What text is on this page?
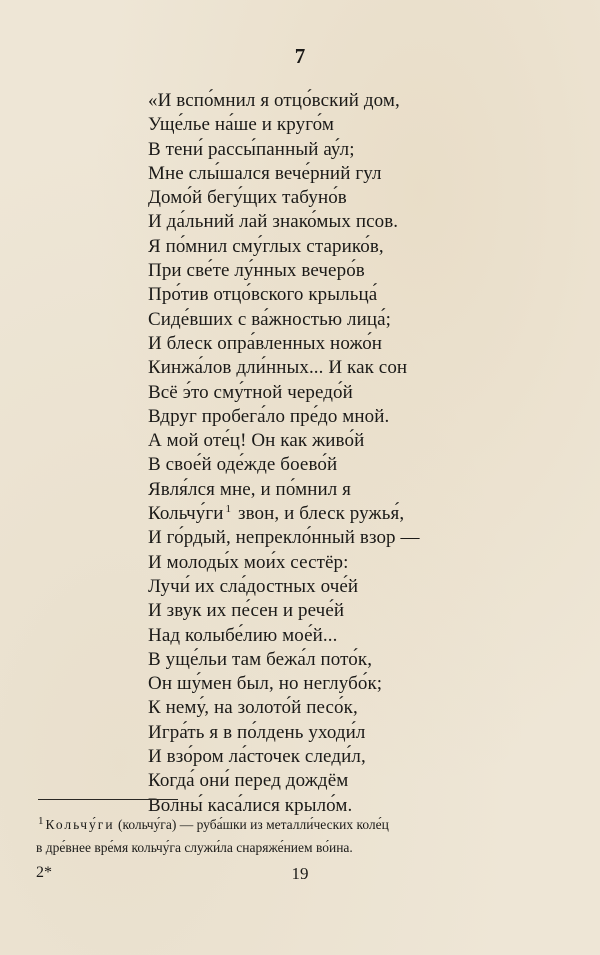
7
«И вспо́мнил я отцо́вский дом,
Уще́лье на́ше и круго́м
В тени́ рассы́панный ау́л;
Мне слы́шался вече́рний гул
Домо́й бегу́щих табуно́в
И да́льний лай знако́мых псов.
Я по́мнил сму́глых старико́в,
При све́те лу́нных вечеро́в
Про́тив отцо́вского крыльца́
Сиде́вших с ва́жностью лица́;
И блеск опра́вленных ножо́н
Кинжа́лов дли́нных... И как сон
Всё э́то сму́тной чередо́й
Вдруг пробега́ло пре́до мной.
А мой оте́ц! Он как живо́й
В свое́й оде́жде боево́й
Явля́лся мне, и по́мнил я
Кольчу́ги $^1$ звон, и блеск ружья́,
И го́рдый, непрекло́нный взор —
И молоды́х мои́х сестёр:
Лучи́ их сла́достных оче́й
И звук их пе́сен и рече́й
Над колыбе́лию мое́й...
В уще́льи там бежа́л пото́к,
Он шу́мен был, но неглубо́к;
К нему́, на золото́й песо́к,
Игра́ть я в по́лдень уходи́л
И взо́ром ла́сточек следи́л,
Когда́ они́ перед дождём
Волны́ каса́лися крыло́м.
$^1$ Кольчу́ги (кольчу́га) — руба́шки из металли́ческих коле́ц
в дре́внее вре́мя кольчу́га служи́ла снаряже́нием во́ина.
2*	19
